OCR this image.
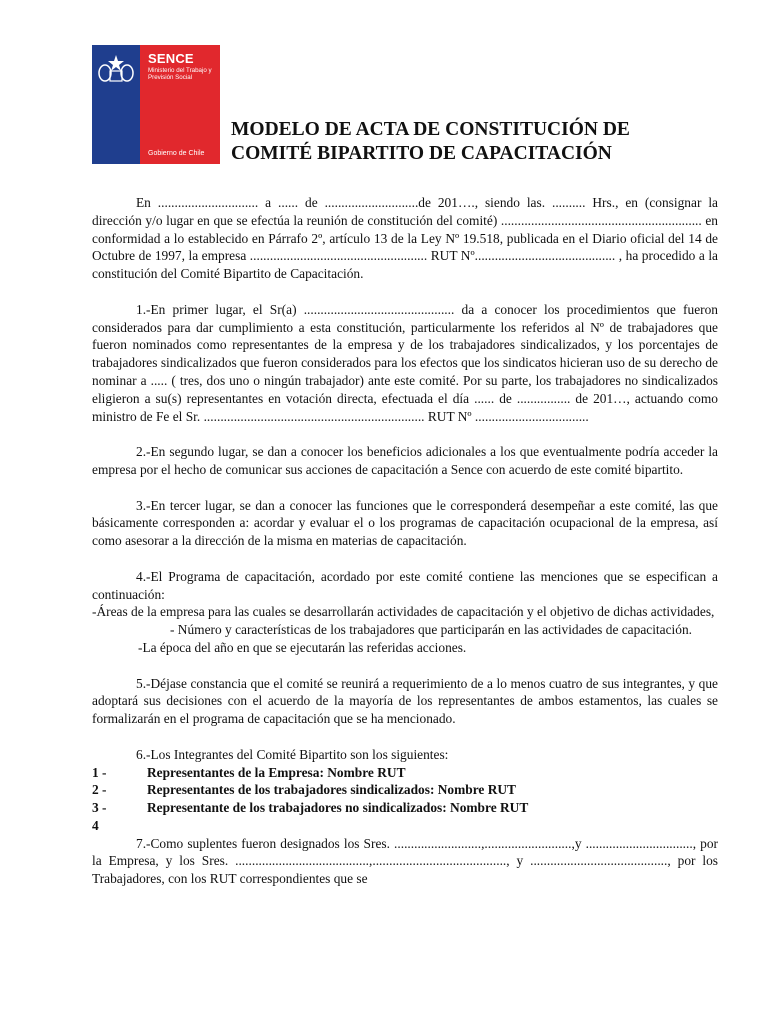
SENCE
Ministerio del Trabajo y Previsión Social
Gobierno de Chile
MODELO DE ACTA DE CONSTITUCIÓN DE
COMITÉ BIPARTITO DE CAPACITACIÓN

En .............................. a ...... de ............................de 201…., siendo las. .......... Hrs., en (consignar la dirección y/o lugar en que se efectúa la reunión de constitución del comité) ............................................................ en conformidad a lo establecido en Párrafo 2º, artículo 13 de la Ley Nº 19.518, publicada en el Diario oficial del 14 de Octubre de 1997, la empresa ..................................................... RUT Nº.......................................... , ha procedido a la constitución del Comité Bipartito de Capacitación.

1.-En primer lugar, el Sr(a) ............................................. da a conocer los procedimientos que fueron considerados para dar cumplimiento a esta constitución, particularmente los referidos al Nº de trabajadores que fueron nominados como representantes de la empresa y de los trabajadores sindicalizados, y los porcentajes de trabajadores sindicalizados que fueron considerados para los efectos que los sindicatos hicieran uso de su derecho de nominar a ..... ( tres, dos uno o ningún trabajador) ante este comité. Por su parte, los trabajadores no sindicalizados eligieron a su(s) representantes en votación directa, efectuada el día ...... de ................ de 201…, actuando como ministro de Fe el Sr. .................................................................. RUT Nº ..................................

2.-En segundo lugar, se dan a conocer los beneficios adicionales a los que eventualmente podría acceder la empresa por el hecho de comunicar sus acciones de capacitación a Sence con acuerdo de este comité bipartito.

3.-En tercer lugar, se dan a conocer las funciones que le corresponderá desempeñar a este comité, las que básicamente corresponden a: acordar y evaluar el o los programas de capacitación ocupacional de la empresa, así como asesorar a la dirección de la misma en materias de capacitación.

4.-El Programa de capacitación, acordado por este comité contiene las menciones que se especifican a continuación:

-Áreas de la empresa para las cuales se desarrollarán actividades de capacitación y el objetivo de dichas actividades,

- Número y características de los trabajadores que participarán en las actividades de capacitación.

-La época del año en que se ejecutarán las referidas acciones.

5.-Déjase constancia que el comité se reunirá a requerimiento de a lo menos cuatro de sus integrantes, y que adoptará sus decisiones con el acuerdo de la mayoría de los representantes de ambos estamentos, las cuales se formalizarán en el programa de capacitación que se ha mencionado.

6.-Los Integrantes del Comité Bipartito son los siguientes:

1 -	Representantes de la Empresa: Nombre RUT
2 -	Representantes de los trabajadores sindicalizados: Nombre RUT
3 -	Representante de los trabajadores no sindicalizados: Nombre RUT
4

7.-Como suplentes fueron designados los Sres. ..........................,..........................,y ................................, por la Empresa, y los Sres. ........................................,........................................, y ........................................., por los Trabajadores, con los RUT correspondientes que se
